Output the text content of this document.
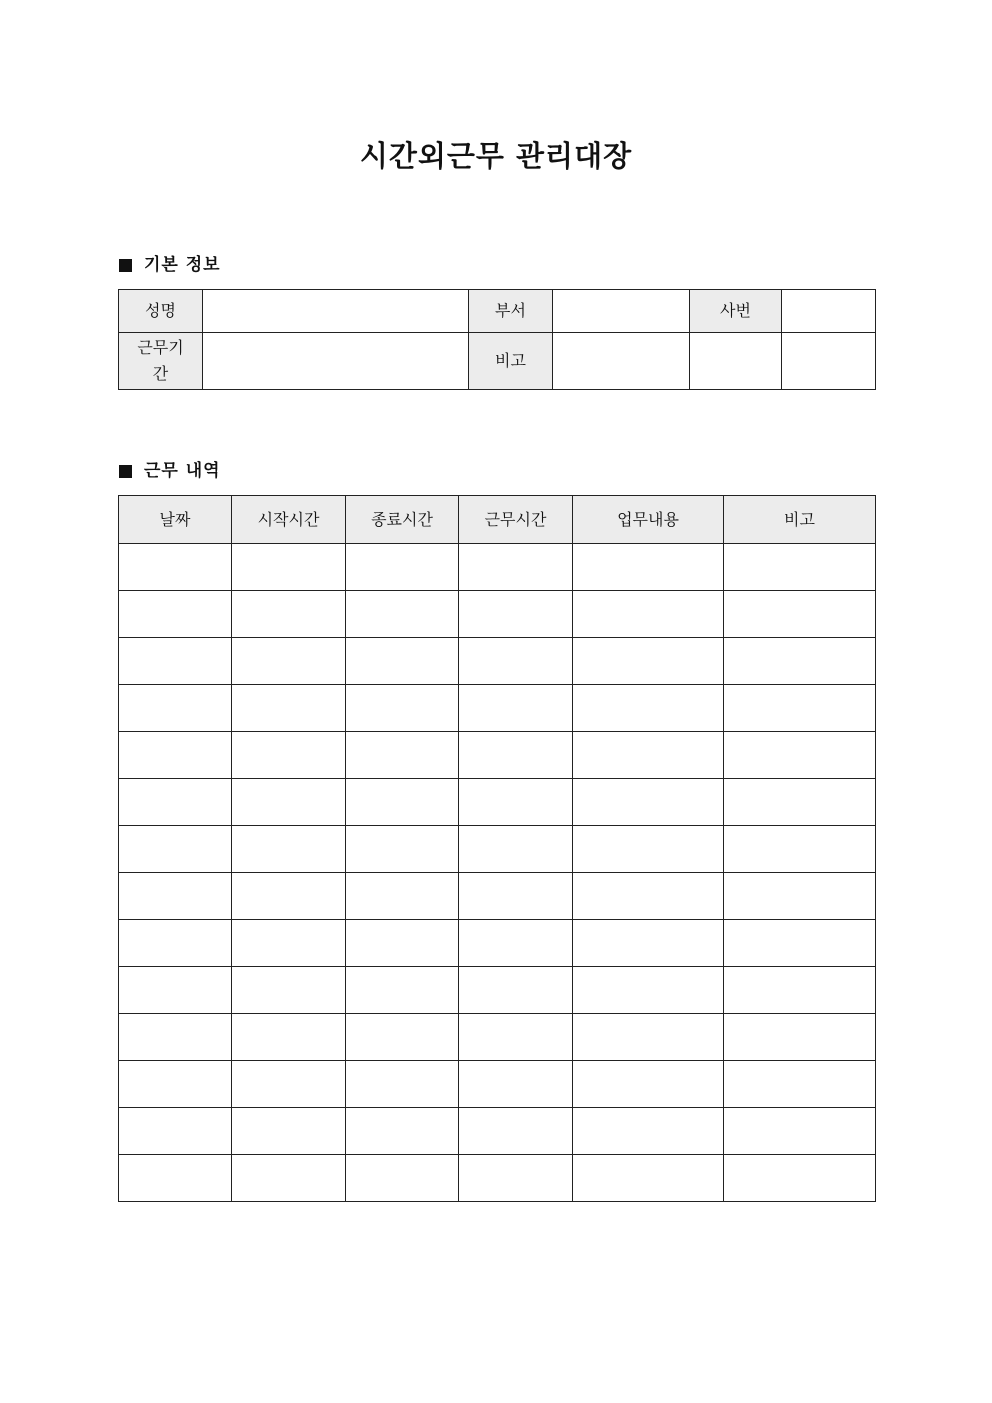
시간외근무 관리대장
기본 정보
성명		부서		사번	
근무기간		비고			
근무 내역
날짜	시작시간	종료시간	근무시간	업무내용	비고
